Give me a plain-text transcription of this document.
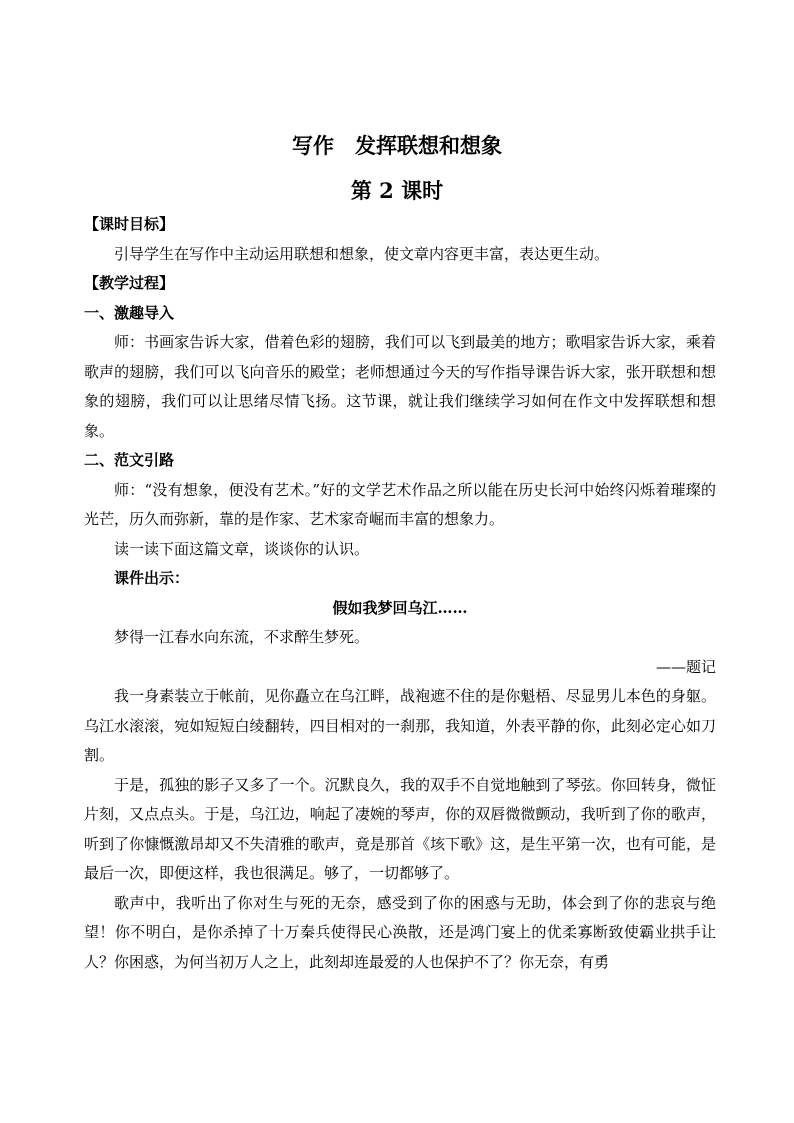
写作　发挥联想和想象
第 2 课时

【课时目标】

引导学生在写作中主动运用联想和想象，使文章内容更丰富，表达更生动。

【教学过程】

一、激趣导入

师：书画家告诉大家，借着色彩的翅膀，我们可以飞到最美的地方；歌唱家告诉大家，乘着歌声的翅膀，我们可以飞向音乐的殿堂；老师想通过今天的写作指导课告诉大家，张开联想和想象的翅膀，我们可以让思绪尽情飞扬。这节课，就让我们继续学习如何在作文中发挥联想和想象。

二、范文引路

师：“没有想象，便没有艺术。”好的文学艺术作品之所以能在历史长河中始终闪烁着璀璨的光芒，历久而弥新，靠的是作家、艺术家奇崛而丰富的想象力。

读一读下面这篇文章，谈谈你的认识。

课件出示：

假如我梦回乌江……

梦得一江春水向东流，不求醉生梦死。

——题记

我一身素装立于帐前，见你矗立在乌江畔，战袍遮不住的是你魁梧、尽显男儿本色的身躯。乌江水滚滚，宛如短短白绫翻转，四目相对的一刹那，我知道，外表平静的你，此刻必定心如刀割。

于是，孤独的影子又多了一个。沉默良久，我的双手不自觉地触到了琴弦。你回转身，微怔片刻，又点点头。于是，乌江边，响起了凄婉的琴声，你的双唇微微颤动，我听到了你的歌声，听到了你慷慨激昂却又不失清雅的歌声，竟是那首《垓下歌》这，是生平第一次，也有可能，是最后一次，即便这样，我也很满足。够了，一切都够了。

歌声中，我听出了你对生与死的无奈，感受到了你的困惑与无助，体会到了你的悲哀与绝望！你不明白，是你杀掉了十万秦兵使得民心涣散，还是鸿门宴上的优柔寡断致使霸业拱手让人？你困惑，为何当初万人之上，此刻却连最爱的人也保护不了？你无奈，有勇
